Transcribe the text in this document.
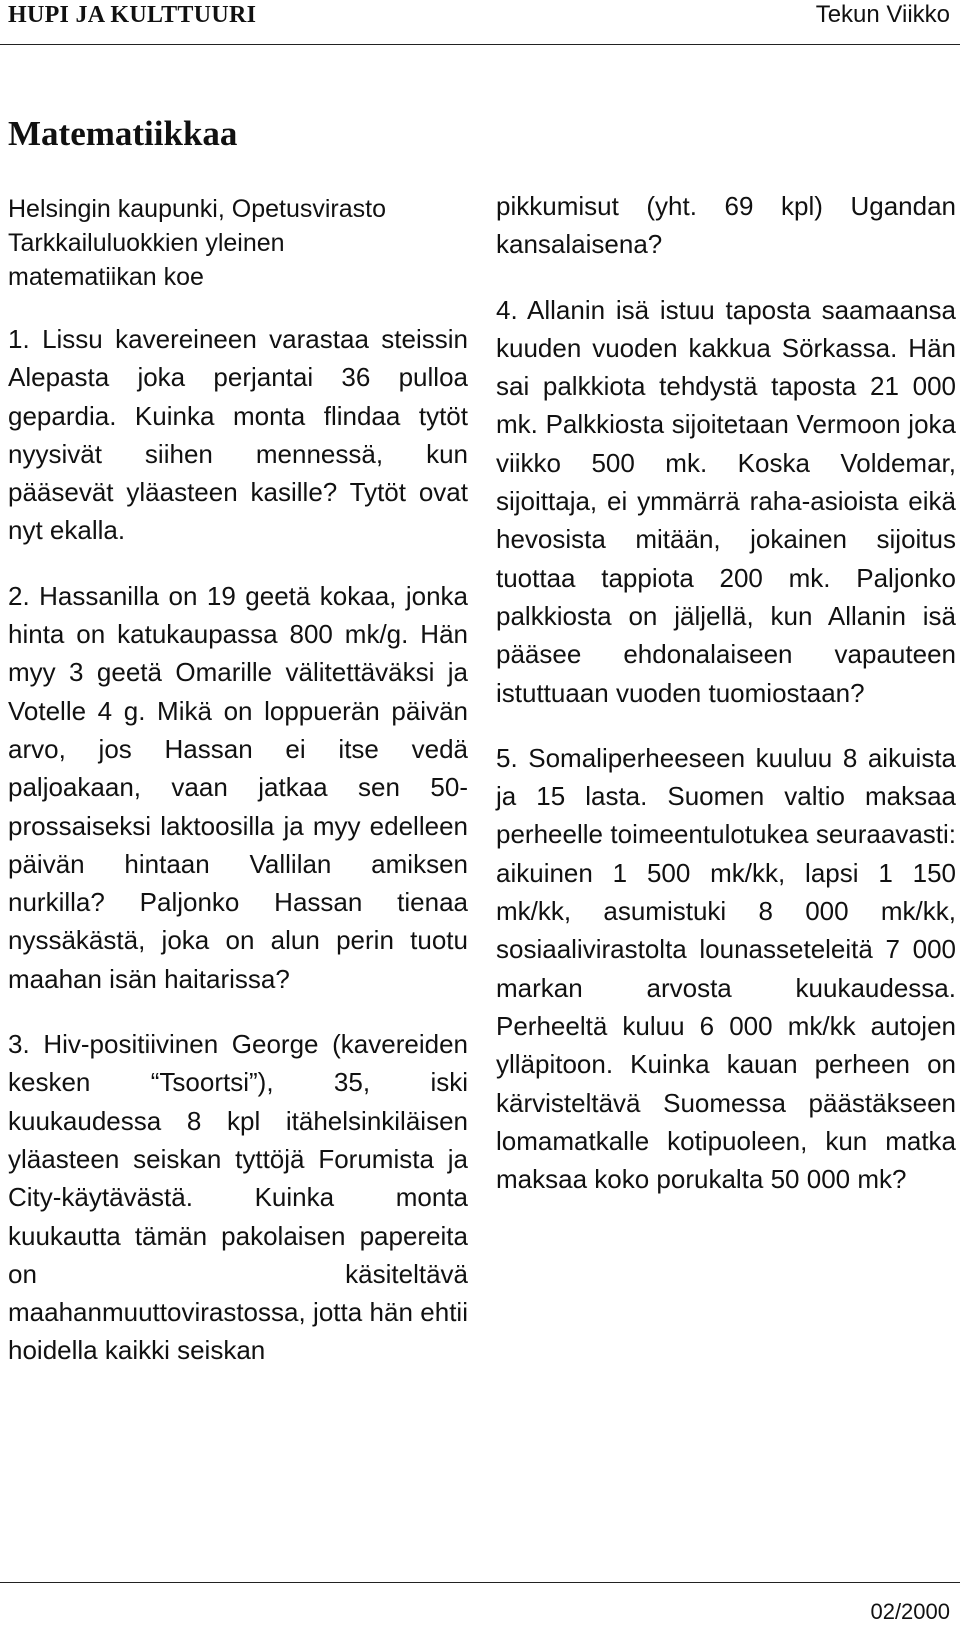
HUPI JA KULTTUURI	Tekun Viikko
Matematiikkaa
Helsingin kaupunki, Opetusvirasto
Tarkkailuluokkien yleinen
matematiikan koe

1. Lissu kavereineen varastaa steissin Alepasta joka perjantai 36 pulloa gepardia. Kuinka monta flindaa tytöt nyysivät siihen mennessä, kun pääsevät yläasteen kasille? Tytöt ovat nyt ekalla.

2. Hassanilla on 19 geetä kokaa, jonka hinta on katukaupassa 800 mk/g. Hän myy 3 geetä Omarille välitettäväksi ja Votelle 4 g. Mikä on loppuerän päivän arvo, jos Hassan ei itse vedä paljoakaan, vaan jatkaa sen 50-prossaiseksi laktoosilla ja myy edelleen päivän hintaan Vallilan amiksen nurkilla? Paljonko Hassan tienaa nyssäkästä, joka on alun perin tuotu maahan isän haitarissa?

3. Hiv-positiivinen George (kavereiden kesken “Tsoortsi”), 35, iski kuukaudessa 8 kpl itähelsinkiläisen yläasteen seiskan tyttöjä Forumista ja City-käytävästä. Kuinka monta kuukautta tämän pakolaisen papereita on käsiteltävä maahanmuuttovirastossa, jotta hän ehtii hoidella kaikki seiskan

pikkumisut (yht. 69 kpl) Ugandan kansalaisena?

4. Allanin isä istuu taposta saamaansa kuuden vuoden kakkua Sörkassa. Hän sai palkkiota tehdystä taposta 21 000 mk. Palkkiosta sijoitetaan Vermoon joka viikko 500 mk. Koska Voldemar, sijoittaja, ei ymmärrä raha-asioista eikä hevosista mitään, jokainen sijoitus tuottaa tappiota 200 mk. Paljonko palkkiosta on jäljellä, kun Allanin isä pääsee ehdonalaiseen vapauteen istuttuaan vuoden tuomiostaan?

5. Somaliperheeseen kuuluu 8 aikuista ja 15 lasta. Suomen valtio maksaa perheelle toimeentulotukea seuraavasti: aikuinen 1 500 mk/kk, lapsi 1 150 mk/kk, asumistuki 8 000 mk/kk, sosiaalivirastolta lounasseteleitä 7 000 markan arvosta kuukaudessa. Perheeltä kuluu 6 000 mk/kk autojen ylläpitoon. Kuinka kauan perheen on kärvisteltävä Suomessa päästäkseen lomamatkalle kotipuoleen, kun matka maksaa koko porukalta 50 000 mk?

02/2000
